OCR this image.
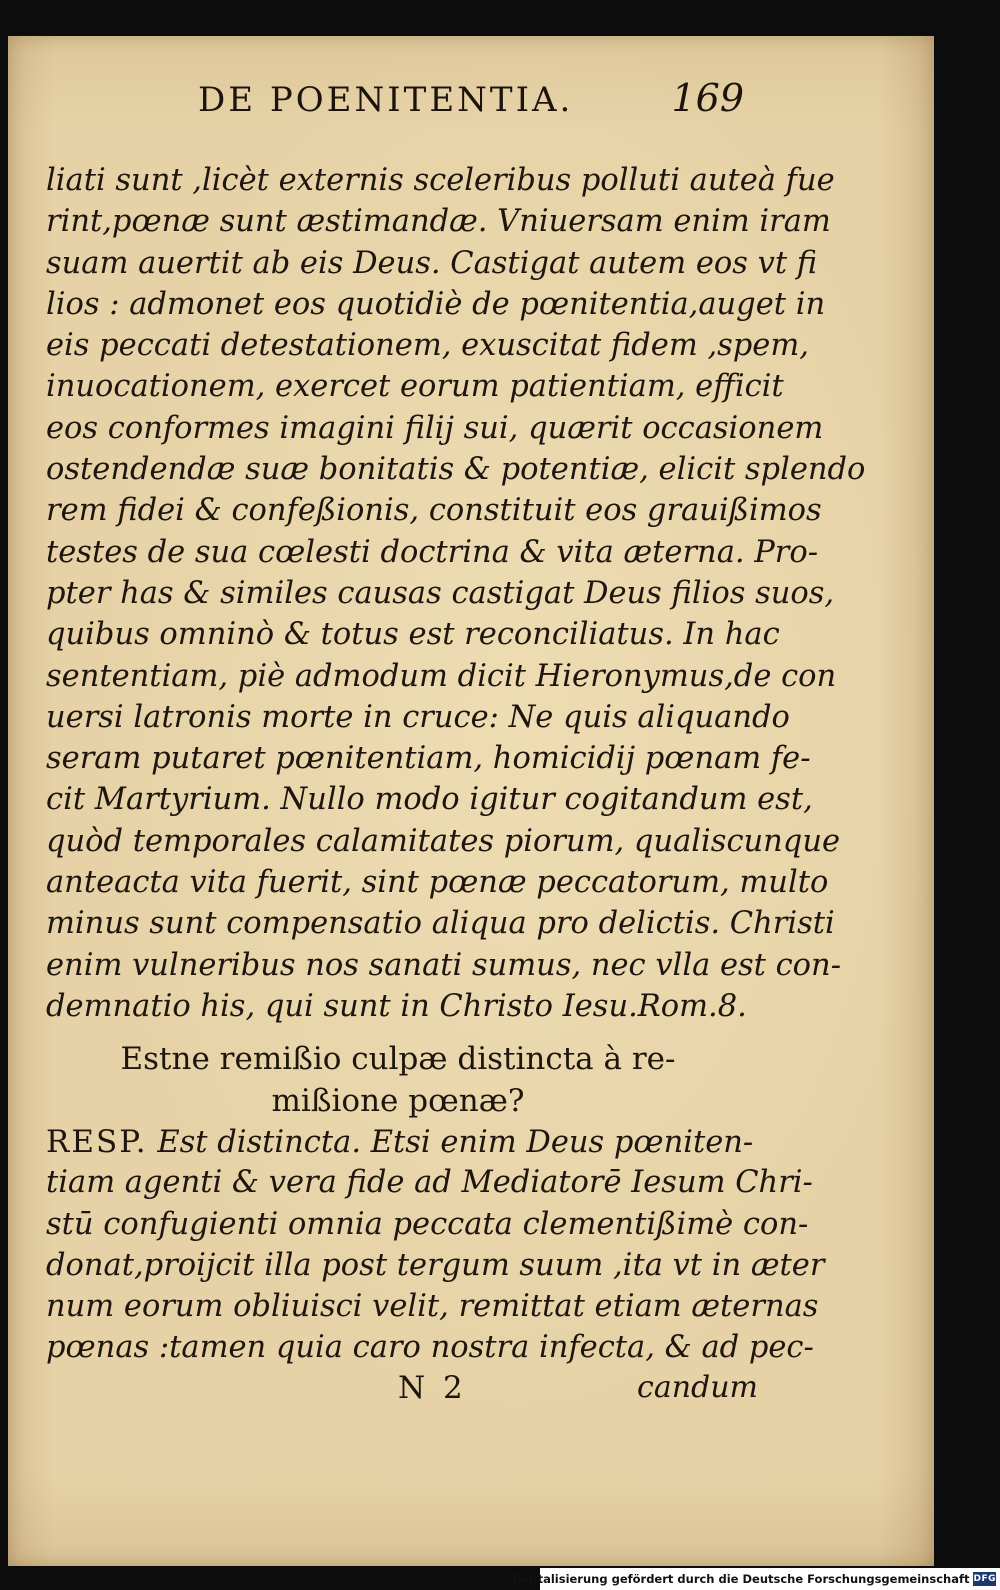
DE POENITENTIA.	169
liati sunt ,licèt externis sceleribus polluti auteà fue
rint,pœnæ sunt æstimandæ. Vniuersam enim iram
suam auertit ab eis Deus. Castigat autem eos vt fi
lios : admonet eos quotidiè de pœnitentia,auget in
eis peccati detestationem, exuscitat fidem ,spem,
inuocationem, exercet eorum patientiam, efficit
eos conformes imagini filij sui, quærit occasionem
ostendendæ suæ bonitatis & potentiæ, elicit splendo
rem fidei & confeßionis, constituit eos grauißimos
testes de sua cœlesti doctrina & vita æterna. Pro-
pter has & similes causas castigat Deus filios suos,
quibus omninò & totus est reconciliatus. In hac
sententiam, piè admodum dicit Hieronymus,de con
uersi latronis morte in cruce: Ne quis aliquando
seram putaret pœnitentiam, homicidij pœnam fe-
cit Martyrium. Nullo modo igitur cogitandum est,
quòd temporales calamitates piorum, qualiscunque
anteacta vita fuerit, sint pœnæ peccatorum, multo
minus sunt compensatio aliqua pro delictis. Christi
enim vulneribus nos sanati sumus, nec vlla est con-
demnatio his, qui sunt in Christo Iesu.Rom.8.
Estne remißio culpæ distincta à re-
mißione pœnæ?
RESP. Est distincta. Etsi enim Deus pœniten-
tiam agenti & vera fide ad Mediatorē Iesum Chri-
stū confugienti omnia peccata clementißimè con-
donat,proijcit illa post tergum suum ,ita vt in æter
num eorum obliuisci velit, remittat etiam æternas
pœnas :tamen quia caro nostra infecta, & ad pec-
N 2	candum
Digitalisierung gefördert durch die Deutsche Forschungsgemeinschaft DFG
